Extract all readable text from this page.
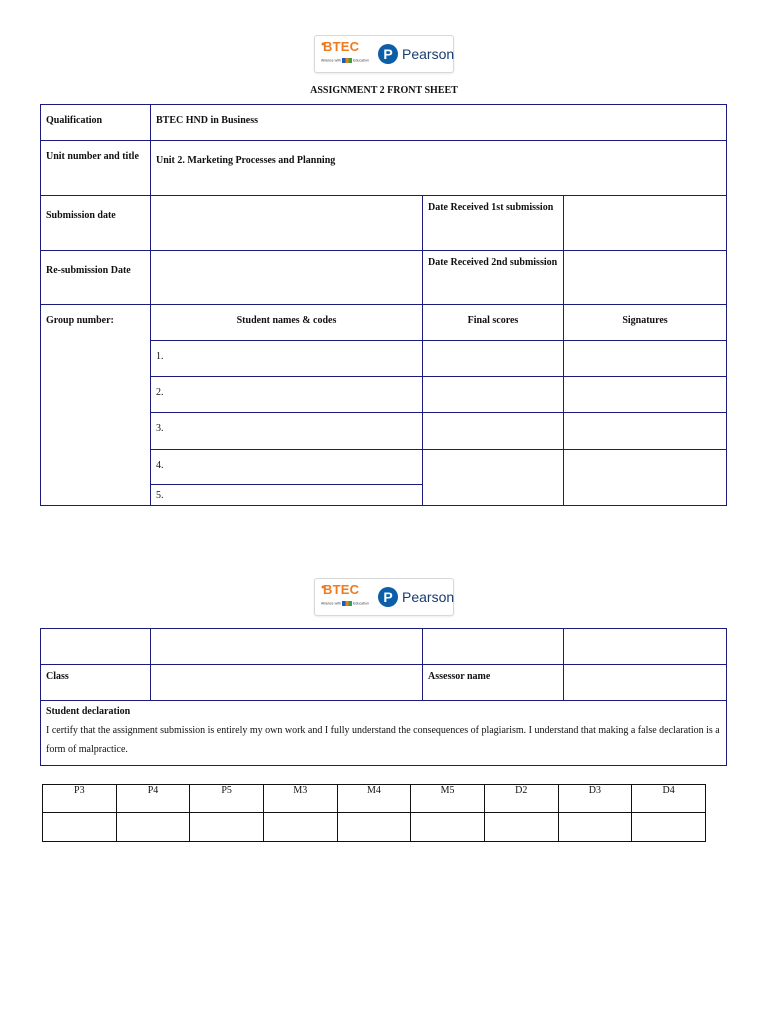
BTEC
Alliance with	Education	P Pearson
ASSIGNMENT 2 FRONT SHEET
Qualification	BTEC HND in Business		
Unit number and title	Unit 2. Marketing Processes and Planning		
Submission date		Date Received 1st submission	
Re-submission Date		Date Received 2nd submission	
Group number:	Student names & codes	Final scores	Signatures
	1.		
	2.		
	3.		
	4.		
	5.		
BTEC
Alliance with	Education	P Pearson

Class		Assessor name	

Student declaration
I certify that the assignment submission is entirely my own work and I fully understand the consequences of plagiarism. I understand that making a false declaration is a form of malpractice.			
P3	P4	P5	M3	M4	M5	D2	D3	D4
